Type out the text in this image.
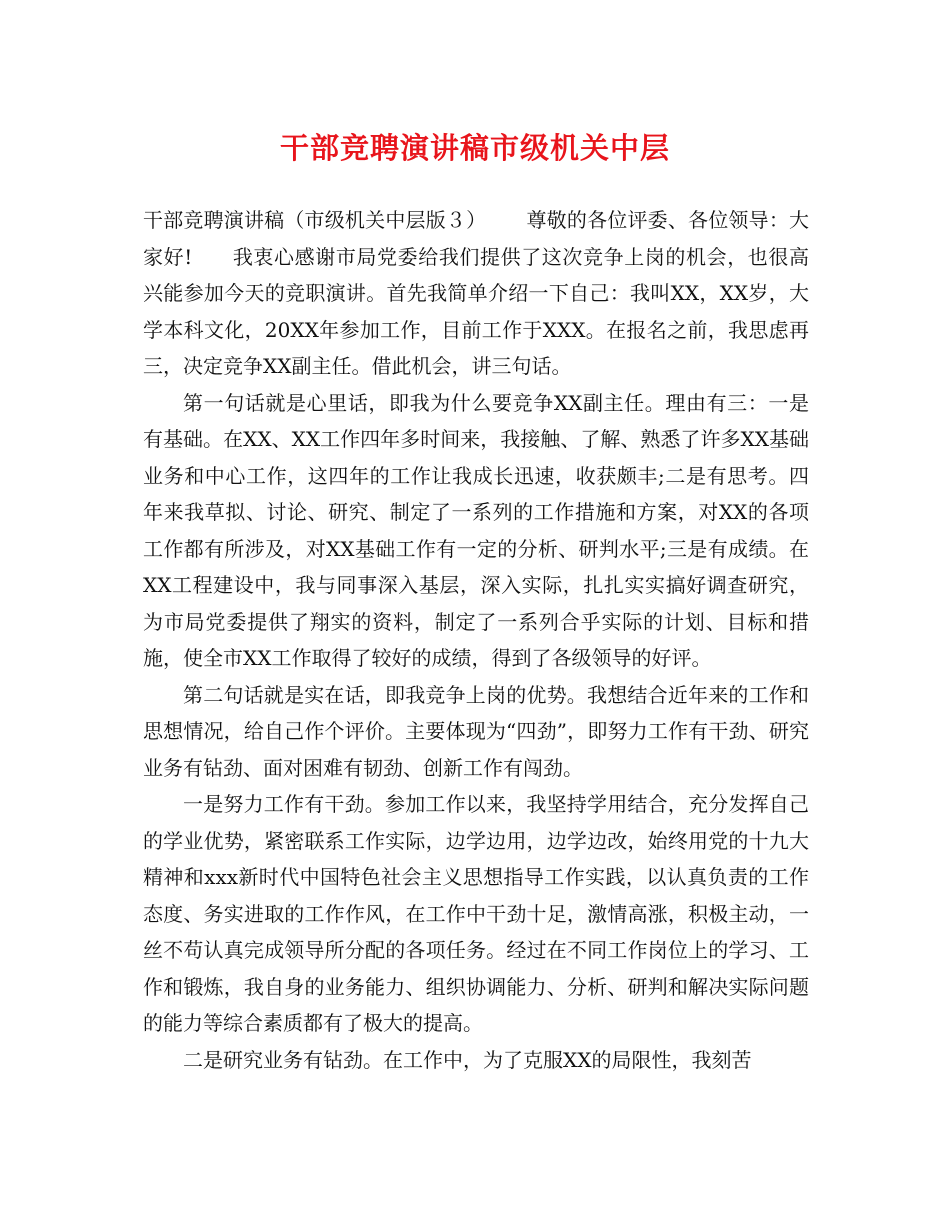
干部竞聘演讲稿市级机关中层

干部竞聘演讲稿（市级机关中层版３） 尊敬的各位评委、各位领导：大家好! 我衷心感谢市局党委给我们提供了这次竞争上岗的机会，也很高兴能参加今天的竞职演讲。首先我简单介绍一下自己：我叫XX，XX岁，大学本科文化，20XX年参加工作，目前工作于XXX。在报名之前，我思虑再三，决定竞争XX副主任。借此机会，讲三句话。

第一句话就是心里话，即我为什么要竞争XX副主任。理由有三：一是有基础。在XX、XX工作四年多时间来，我接触、了解、熟悉了许多XX基础业务和中心工作，这四年的工作让我成长迅速，收获颇丰;二是有思考。四年来我草拟、讨论、研究、制定了一系列的工作措施和方案，对XX的各项工作都有所涉及，对XX基础工作有一定的分析、研判水平;三是有成绩。在XX工程建设中，我与同事深入基层，深入实际，扎扎实实搞好调查研究，为市局党委提供了翔实的资料，制定了一系列合乎实际的计划、目标和措施，使全市XX工作取得了较好的成绩，得到了各级领导的好评。

第二句话就是实在话，即我竞争上岗的优势。我想结合近年来的工作和思想情况，给自己作个评价。主要体现为“四劲”，即努力工作有干劲、研究业务有钻劲、面对困难有韧劲、创新工作有闯劲。

一是努力工作有干劲。参加工作以来，我坚持学用结合，充分发挥自己的学业优势，紧密联系工作实际，边学边用，边学边改，始终用党的十九大精神和xxx新时代中国特色社会主义思想指导工作实践，以认真负责的工作态度、务实进取的工作作风，在工作中干劲十足，激情高涨，积极主动，一丝不苟认真完成领导所分配的各项任务。经过在不同工作岗位上的学习、工作和锻炼，我自身的业务能力、组织协调能力、分析、研判和解决实际问题的能力等综合素质都有了极大的提高。

二是研究业务有钻劲。在工作中，为了克服XX的局限性，我刻苦
